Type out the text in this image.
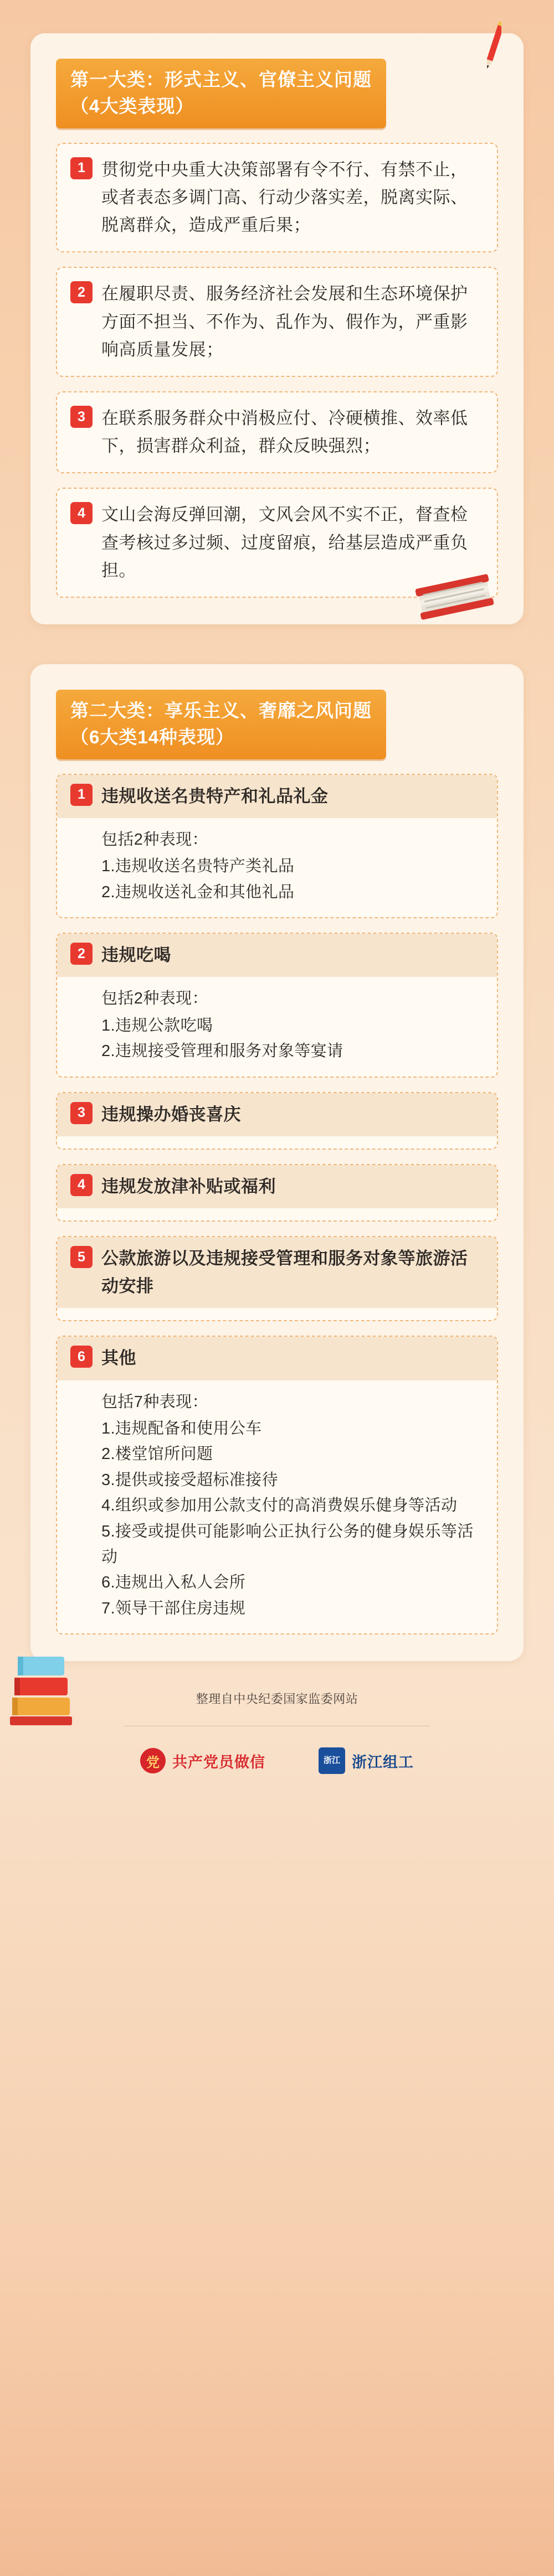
第一大类：形式主义、官僚主义问题
（4大类表现）
1 贯彻党中央重大决策部署有令不行、有禁不止，或者表态多调门高、行动少落实差，脱离实际、脱离群众，造成严重后果；
2 在履职尽责、服务经济社会发展和生态环境保护方面不担当、不作为、乱作为、假作为，严重影响高质量发展；
3 在联系服务群众中消极应付、冷硬横推、效率低下，损害群众利益，群众反映强烈；
4 文山会海反弹回潮，文风会风不实不正，督查检查考核过多过频、过度留痕，给基层造成严重负担。
第二大类：享乐主义、奢靡之风问题
（6大类14种表现）
1 违规收送名贵特产和礼品礼金
包括2种表现：
1.违规收送名贵特产类礼品
2.违规收送礼金和其他礼品
2 违规吃喝
包括2种表现：
1.违规公款吃喝
2.违规接受管理和服务对象等宴请
3 违规操办婚丧喜庆
4 违规发放津补贴或福利
5 公款旅游以及违规接受管理和服务对象等旅游活动安排
6 其他
包括7种表现：
1.违规配备和使用公车
2.楼堂馆所问题
3.提供或接受超标准接待
4.组织或参加用公款支付的高消费娱乐健身等活动
5.接受或提供可能影响公正执行公务的健身娱乐等活动
6.违规出入私人会所
7.领导干部住房违规
整理自中央纪委国家监委网站
党 共产党员做信	浙江 浙江组工
